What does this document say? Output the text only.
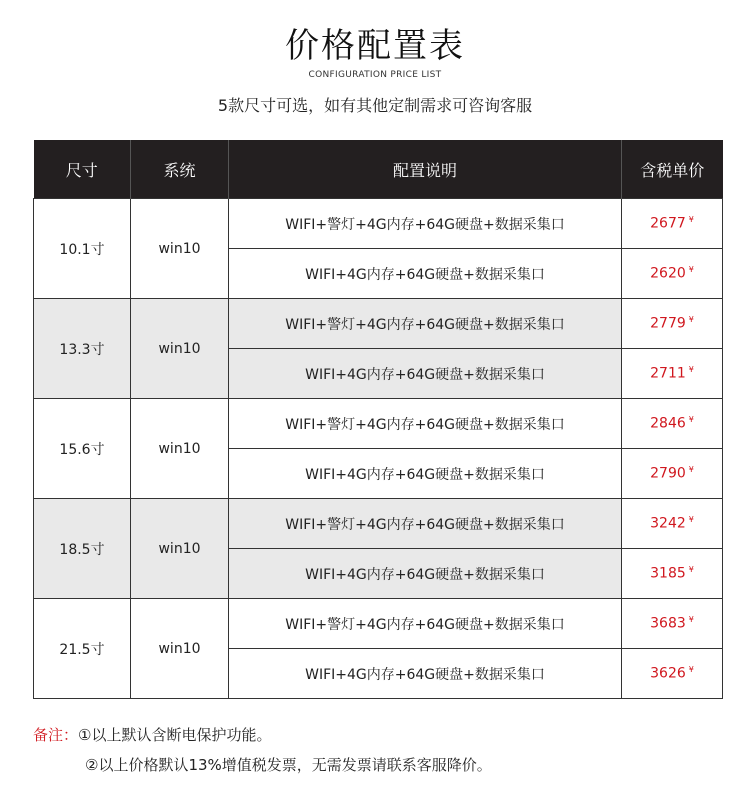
价格配置表
CONFIGURATION PRICE LIST
5款尺寸可选，如有其他定制需求可咨询客服
尺寸	系统	配置说明	含税单价
10.1寸	win10	WIFI+警灯+4G内存+64G硬盘+数据采集口	2677 ¥
		WIFI+4G内存+64G硬盘+数据采集口	2620 ¥
13.3寸	win10	WIFI+警灯+4G内存+64G硬盘+数据采集口	2779 ¥
		WIFI+4G内存+64G硬盘+数据采集口	2711 ¥
15.6寸	win10	WIFI+警灯+4G内存+64G硬盘+数据采集口	2846 ¥
		WIFI+4G内存+64G硬盘+数据采集口	2790 ¥
18.5寸	win10	WIFI+警灯+4G内存+64G硬盘+数据采集口	3242 ¥
		WIFI+4G内存+64G硬盘+数据采集口	3185 ¥
21.5寸	win10	WIFI+警灯+4G内存+64G硬盘+数据采集口	3683 ¥
		WIFI+4G内存+64G硬盘+数据采集口	3626 ¥
备注：①以上默认含断电保护功能。
②以上价格默认13%增值税发票，无需发票请联系客服降价。
